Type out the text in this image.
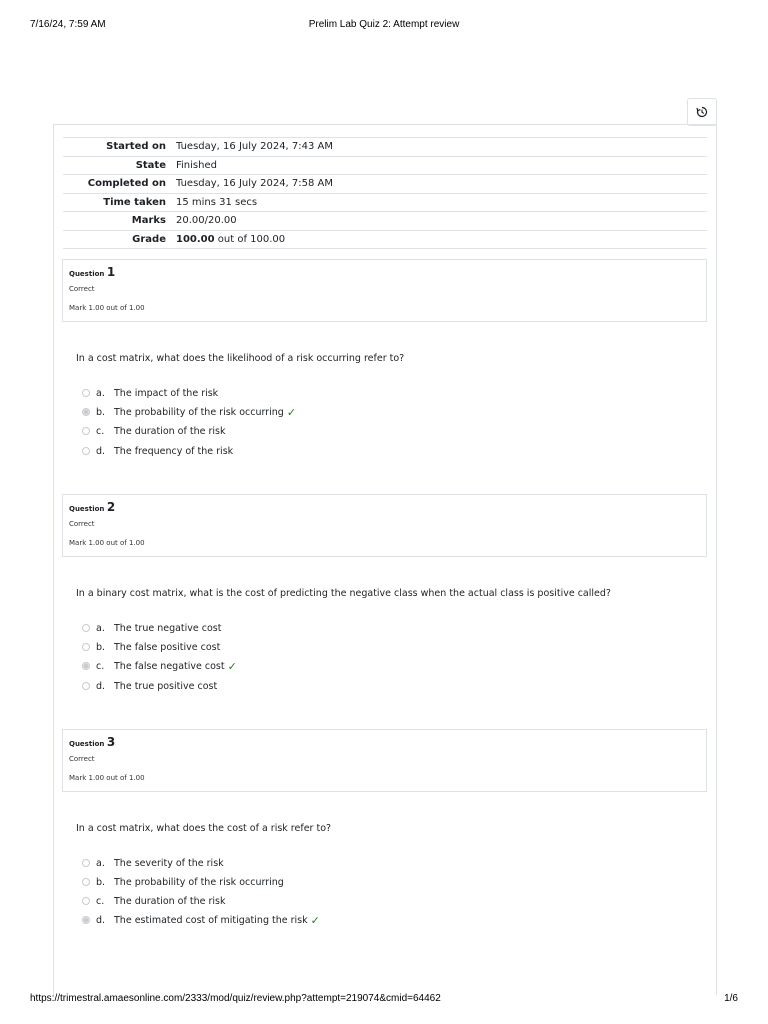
7/16/24, 7:59 AM	Prelim Lab Quiz 2: Attempt review
Started on	Tuesday, 16 July 2024, 7:43 AM
State	Finished
Completed on	Tuesday, 16 July 2024, 7:58 AM
Time taken	15 mins 31 secs
Marks	20.00/20.00
Grade	100.00 out of 100.00
Question 1
Correct
Mark 1.00 out of 1.00
In a cost matrix, what does the likelihood of a risk occurring refer to?
a. The impact of the risk
b. The probability of the risk occurring ✓
c.	The duration of the risk
d. The frequency of the risk
Question 2
Correct
Mark 1.00 out of 1.00
In a binary cost matrix, what is the cost of predicting the negative class when the actual class is positive called?
a. The true negative cost
b. The false positive cost
c.	The false negative cost ✓
d. The true positive cost
Question 3
Correct
Mark 1.00 out of 1.00
In a cost matrix, what does the cost of a risk refer to?
a. The severity of the risk
b. The probability of the risk occurring
c.	The duration of the risk
d. The estimated cost of mitigating the risk ✓
https://trimestral.amaesonline.com/2333/mod/quiz/review.php?attempt=219074&cmid=64462	1/6
